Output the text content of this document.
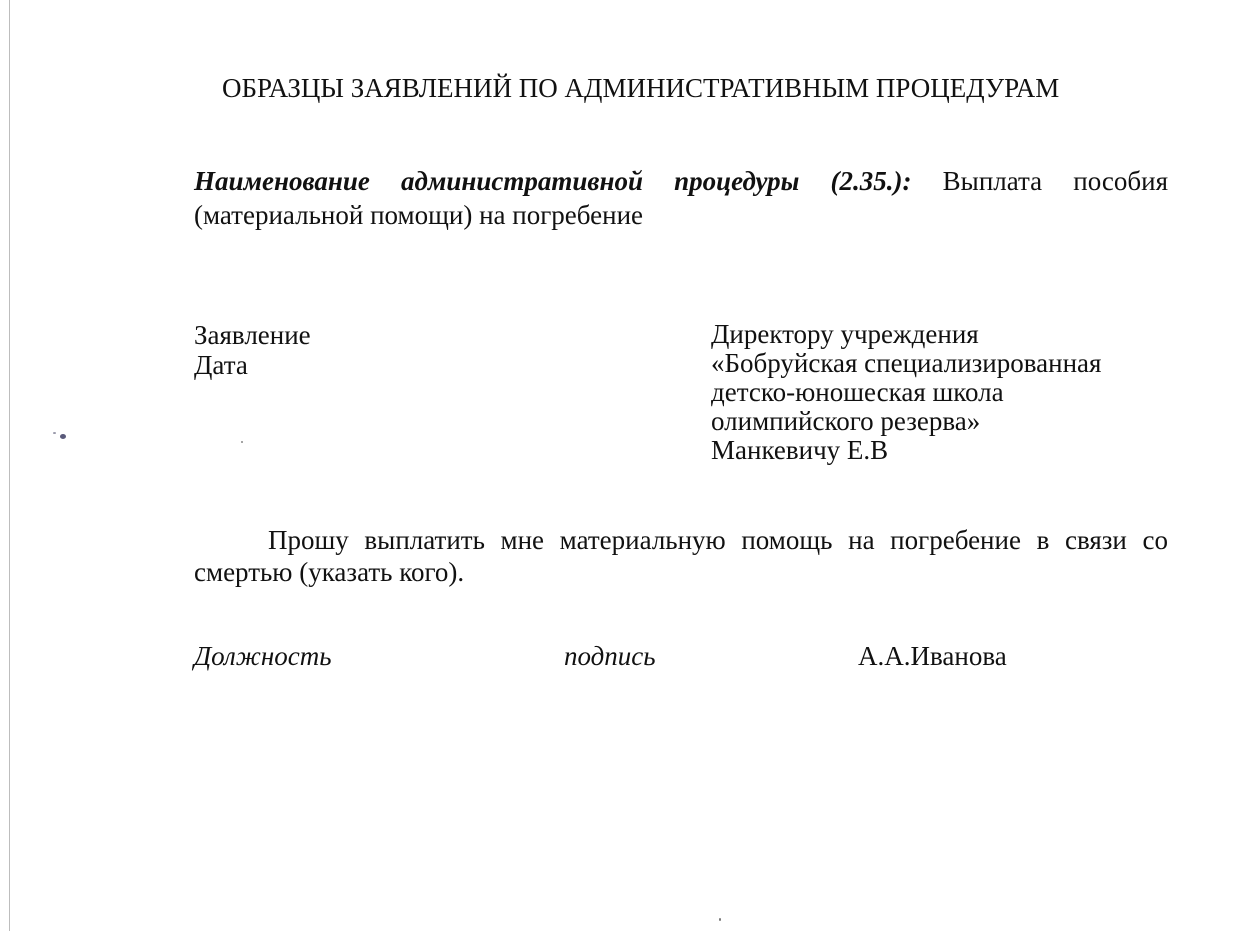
ОБРАЗЦЫ ЗАЯВЛЕНИЙ ПО АДМИНИСТРАТИВНЫМ ПРОЦЕДУРАМ
Наименование административной процедуры (2.35.): Выплата пособия (материальной помощи) на погребение
Заявление
Дата
Директору учреждения
«Бобруйская специализированная
детско-юношеская школа
олимпийского резерва»
Манкевичу Е.В
Прошу выплатить мне материальную помощь на погребение в связи со смертью (указать кого).
Должность	подпись	А.А.Иванова
